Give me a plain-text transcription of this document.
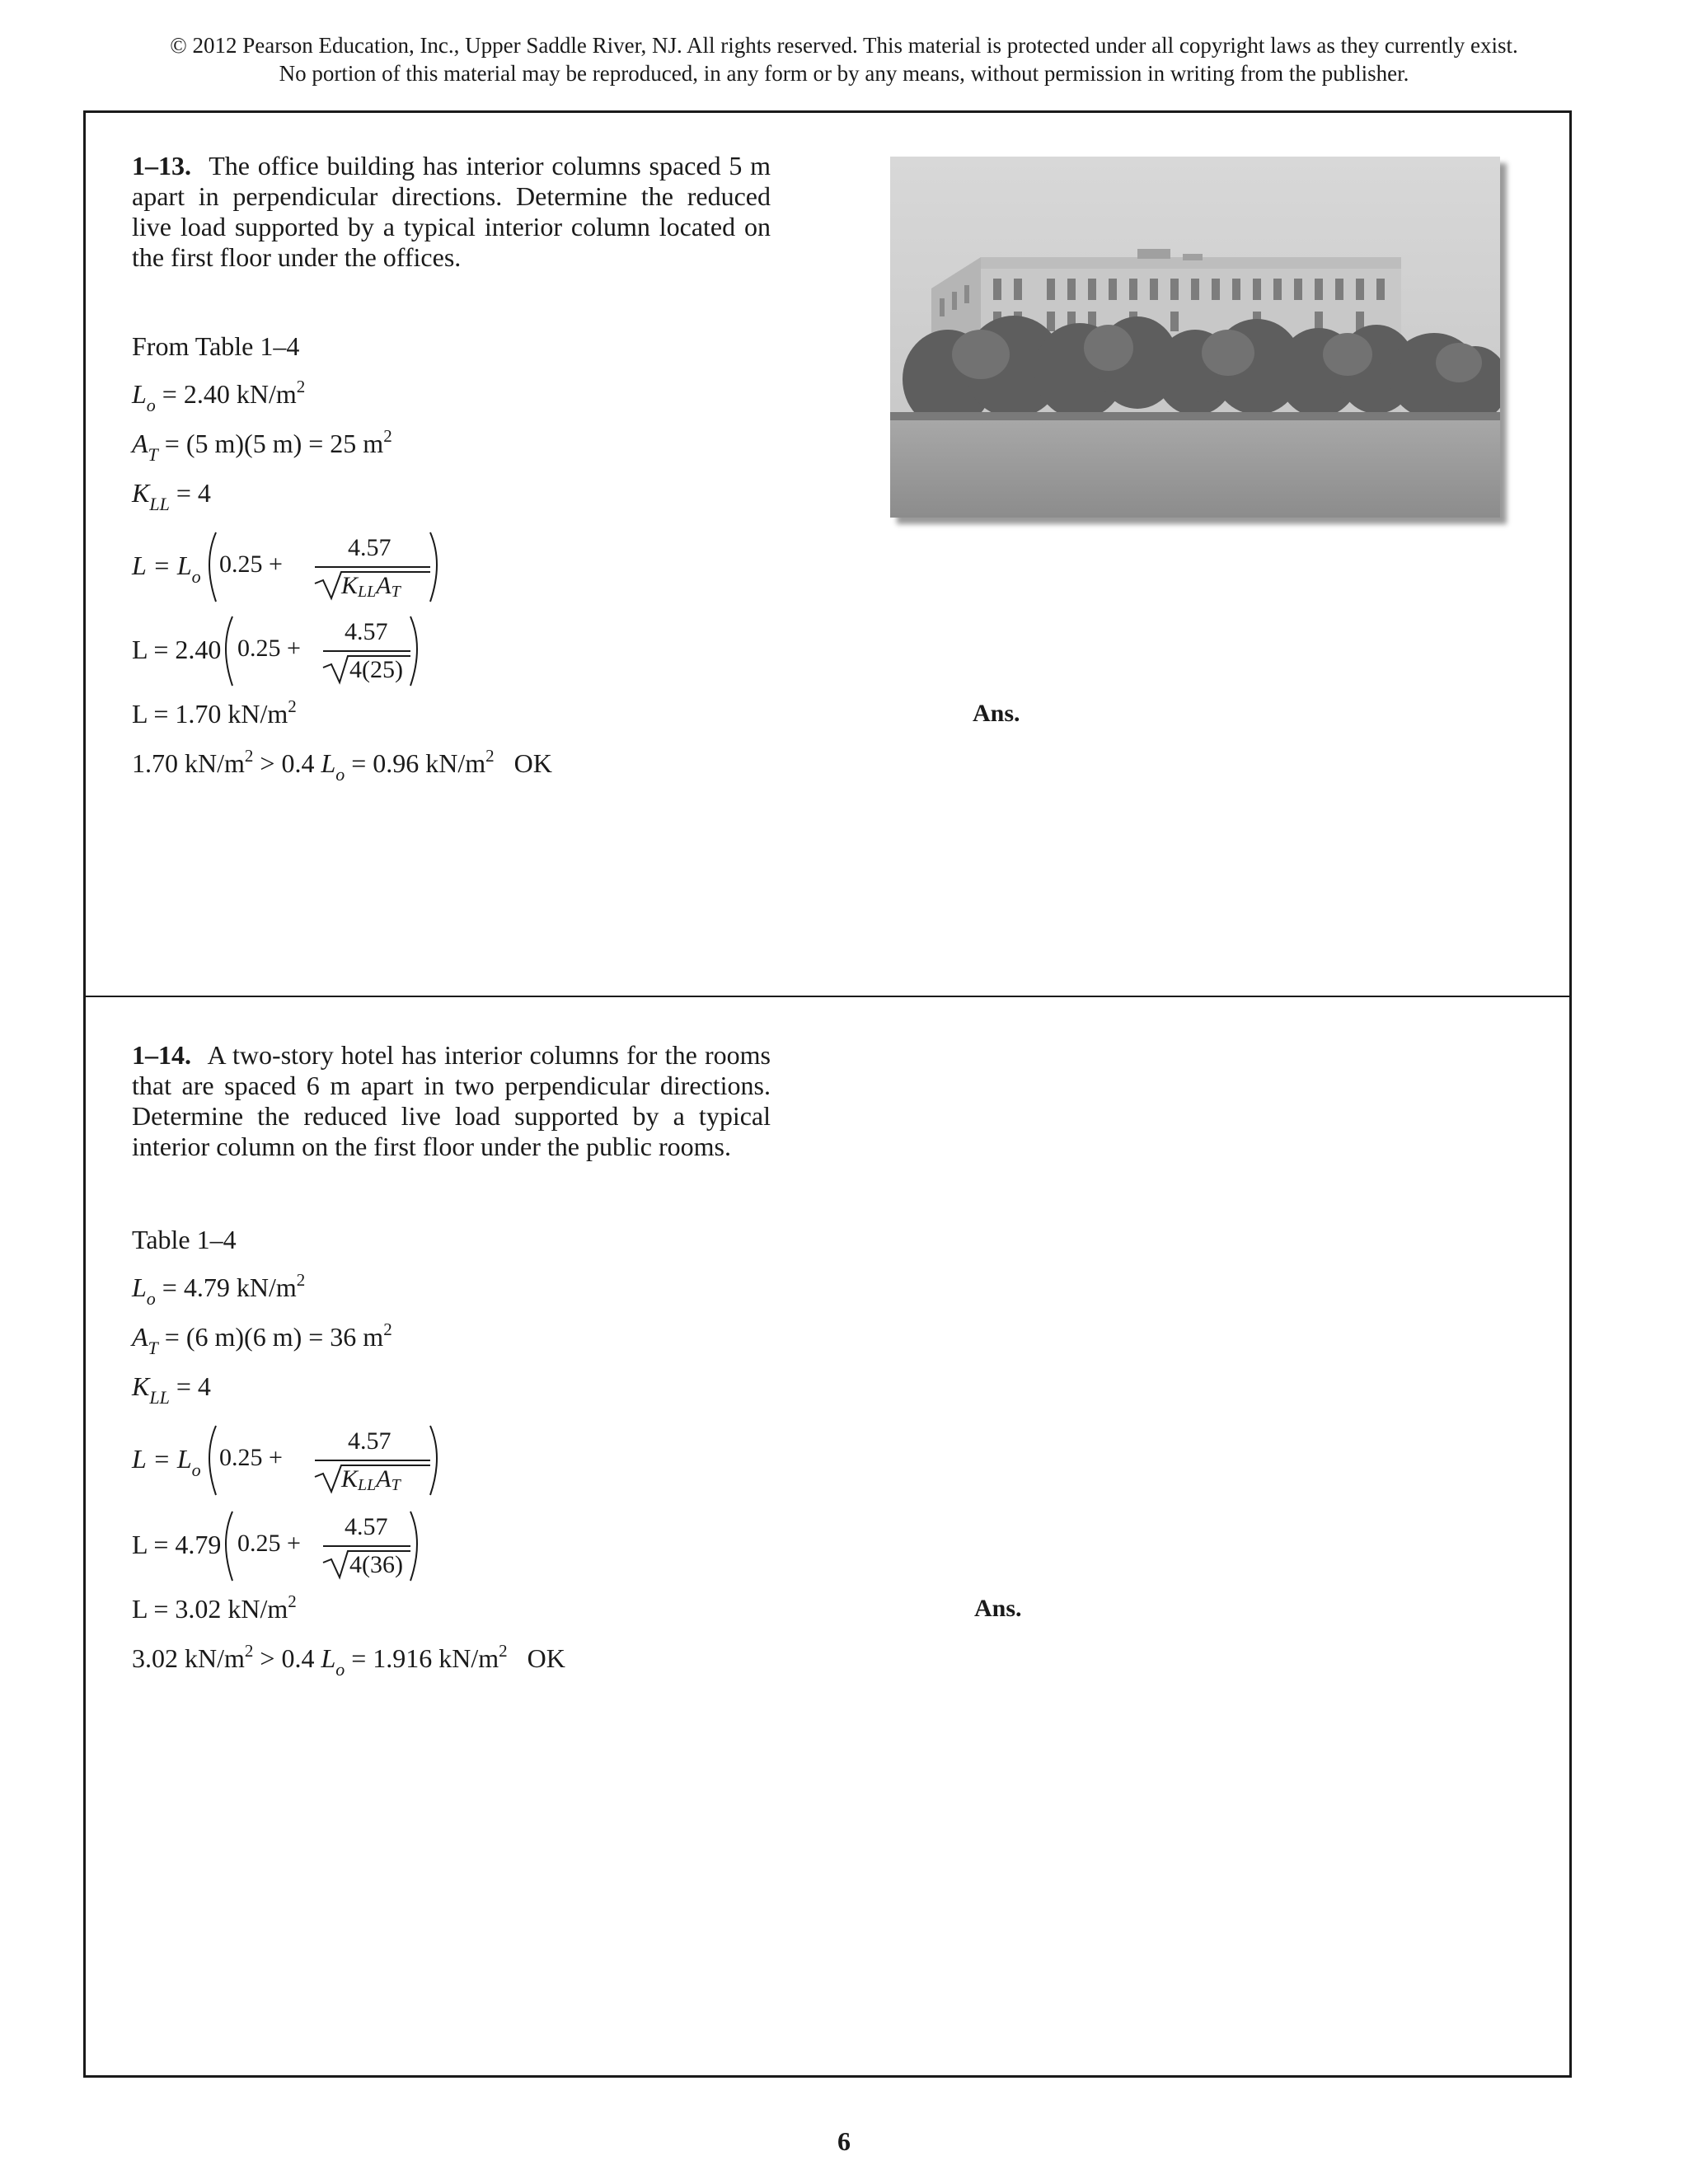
© 2012 Pearson Education, Inc., Upper Saddle River, NJ. All rights reserved. This material is protected under all copyright laws as they currently exist.
No portion of this material may be reproduced, in any form or by any means, without permission in writing from the publisher.
1–13. The office building has interior columns spaced 5 m apart in perpendicular directions. Determine the reduced live load supported by a typical interior column located on the first floor under the offices.
From Table 1–4
$L_o = 2.40$ $kN/m^2$
$A_T = (5$ m)(5 m) = 25 $m^2$
$K_{LL} = 4$
$L = L_o$ 0.25 +
4.57
KLLAT
L = 2.40 0.25 +
4.57
4(25)
L = 1.70 $kN/m^2$	Ans.
1.70 $kN/m^2 > 0.4$ $L_o = 0.96$ $kN/m^2$ OK
1–14. A two-story hotel has interior columns for the rooms that are spaced 6 m apart in two perpendicular directions. Determine the reduced live load supported by a typical interior column on the first floor under the public rooms.
Table 1–4
$L_o = 4.79$ $kN/m^2$
$A_T = (6$ m)(6 m) = 36 $m^2$
$K_{LL} = 4$
$L = L_o$ 0.25 +
4.57
KLLAT
L = 4.79 0.25 +
4.57
4(36)
L = 3.02 $kN/m^2$	Ans.
3.02 $kN/m^2 > 0.4$ $L_o = 1.916$ $kN/m^2$ OK
6
